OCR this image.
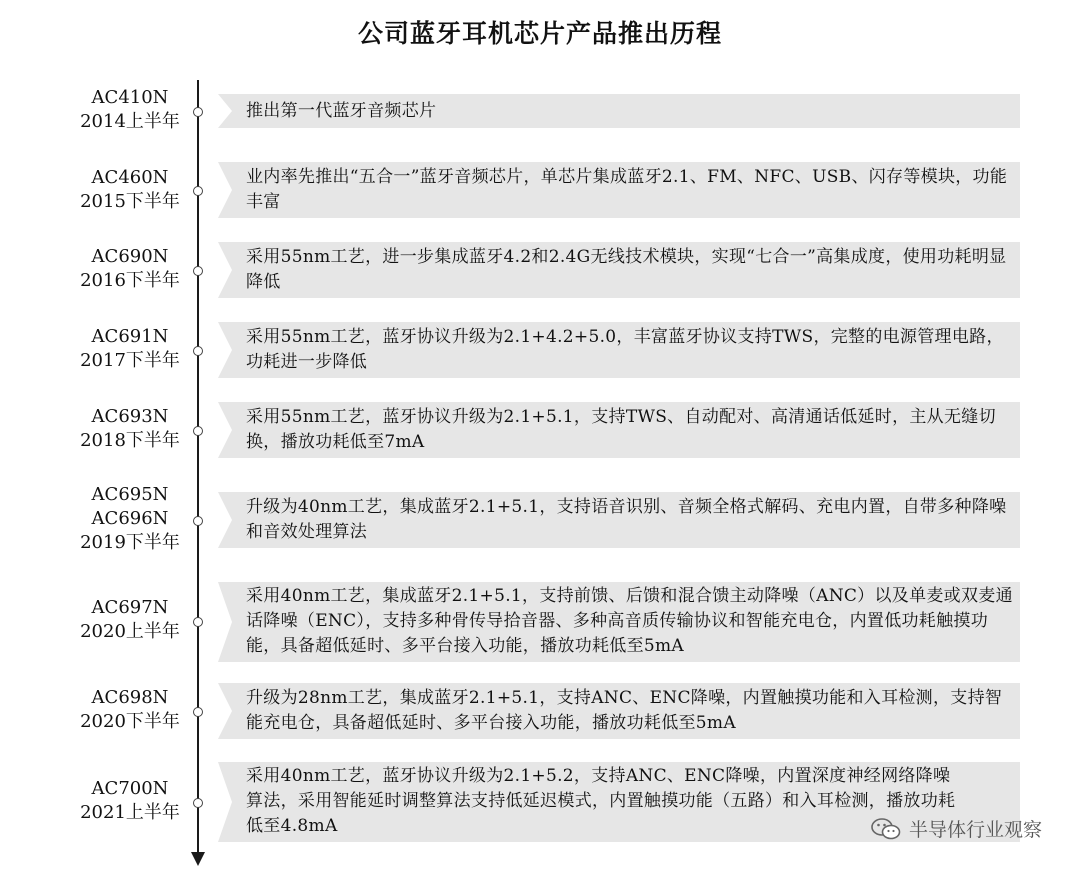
公司蓝牙耳机芯片产品推出历程
AC410N
2014上半年	推出第一代蓝牙音频芯片
AC460N
2015下半年
业内率先推出“五合一”蓝牙音频芯片，单芯片集成蓝牙2.1、FM、NFC、USB、闪存等模块，功能丰富
AC690N
2016下半年
采用55nm工艺，进一步集成蓝牙4.2和2.4G无线技术模块，实现“七合一”高集成度，使用功耗明显降低
AC691N
2017下半年
采用55nm工艺，蓝牙协议升级为2.1+4.2+5.0，丰富蓝牙协议支持TWS，完整的电源管理电路，功耗进一步降低
AC693N
2018下半年
采用55nm工艺，蓝牙协议升级为2.1+5.1，支持TWS、自动配对、高清通话低延时，主从无缝切换，播放功耗低至7mA
AC695N
AC696N
2019下半年
升级为40nm工艺，集成蓝牙2.1+5.1，支持语音识别、音频全格式解码、充电内置，自带多种降噪和音效处理算法
AC697N
2020上半年
采用40nm工艺，集成蓝牙2.1+5.1，支持前馈、后馈和混合馈主动降噪（ANC）以及单麦或双麦通话降噪（ENC），支持多种骨传导拾音器、多种高音质传输协议和智能充电仓，内置低功耗触摸功能，具备超低延时、多平台接入功能，播放功耗低至5mA
AC698N
2020下半年
升级为28nm工艺，集成蓝牙2.1+5.1，支持ANC、ENC降噪，内置触摸功能和入耳检测，支持智能充电仓，具备超低延时、多平台接入功能，播放功耗低至5mA
AC700N
2021上半年
采用40nm工艺，蓝牙协议升级为2.1+5.2，支持ANC、ENC降噪，内置深度神经网络降噪算法，采用智能延时调整算法支持低延迟模式，内置触摸功能（五路）和入耳检测，播放功耗低至4.8mA	半导体行业观察
